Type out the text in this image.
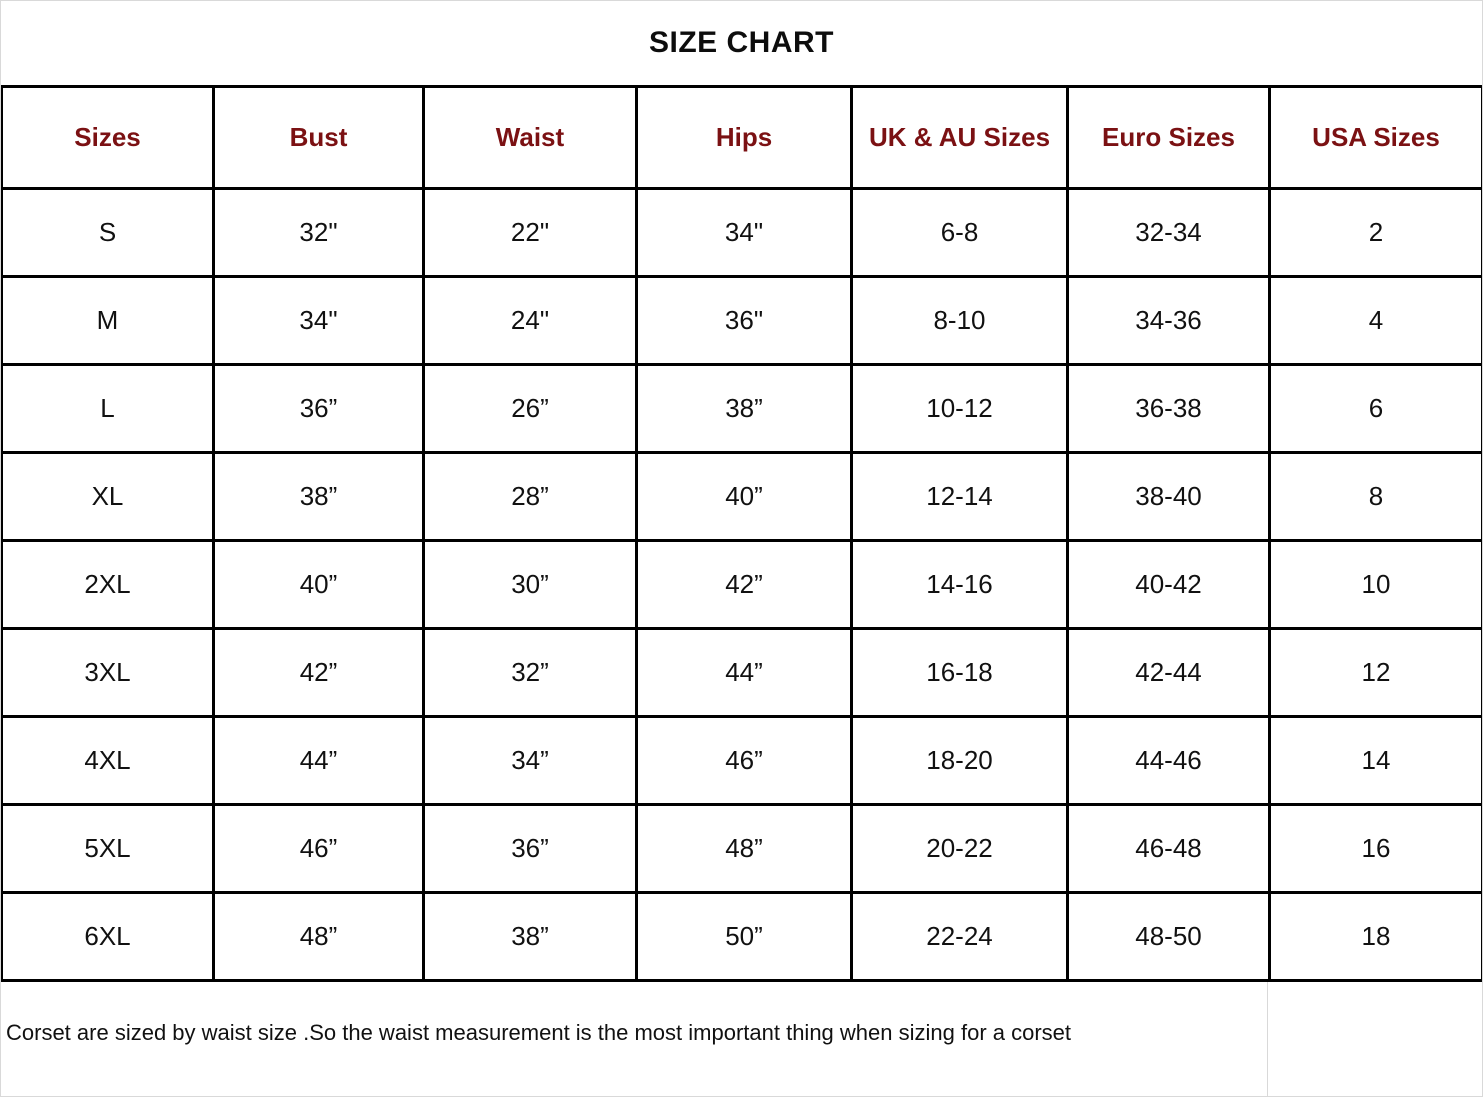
SIZE CHART
Sizes	Bust	Waist	Hips	UK & AU Sizes	Euro Sizes	USA Sizes
S	32"	22"	34"	6-8	32-34	2
M	34"	24"	36"	8-10	34-36	4
L	36”	26”	38”	10-12	36-38	6
XL	38”	28”	40”	12-14	38-40	8
2XL	40”	30”	42”	14-16	40-42	10
3XL	42”	32”	44”	16-18	42-44	12
4XL	44”	34”	46”	18-20	44-46	14
5XL	46”	36”	48”	20-22	46-48	16
6XL	48”	38”	50”	22-24	48-50	18
Corset are sized by waist size .So the waist measurement is the most important thing when sizing for a corset
